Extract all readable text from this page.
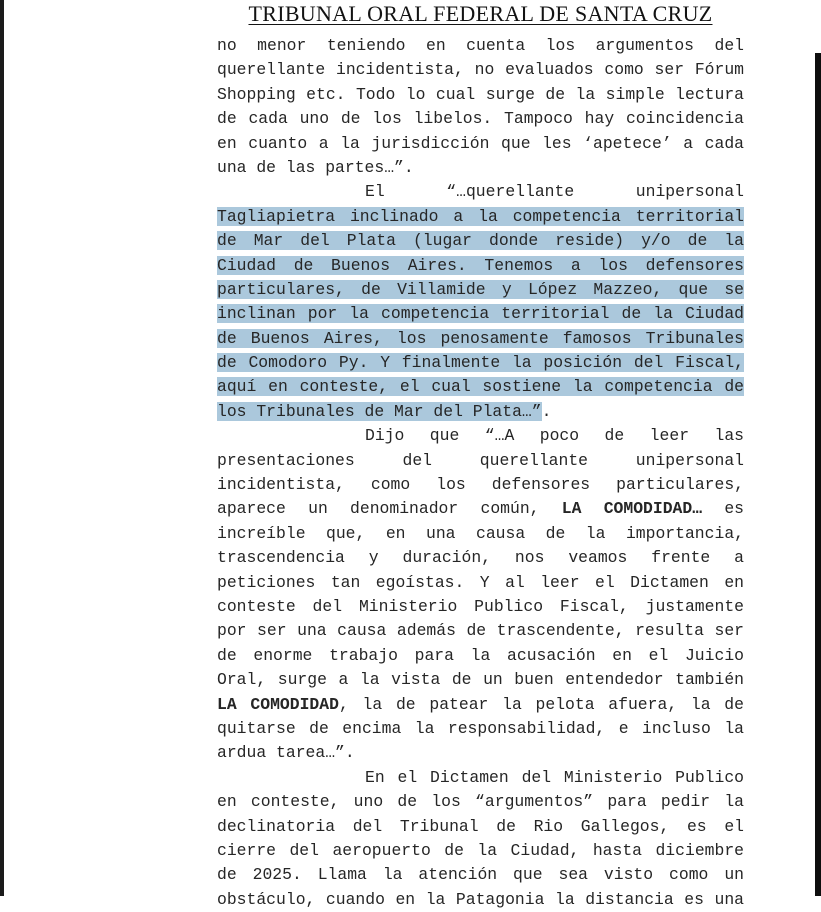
TRIBUNAL ORAL FEDERAL DE SANTA CRUZ
no menor teniendo en cuenta los argumentos del
querellante incidentista, no evaluados como ser Fórum
Shopping etc. Todo lo cual surge de la simple lectura
de cada uno de los libelos. Tampoco hay coincidencia
en cuanto a la jurisdicción que les ‘apetece’ a cada
una de las partes…”.
El “…querellante unipersonal
Tagliapietra inclinado a la competencia territorial
de Mar del Plata (lugar donde reside) y/o de la
Ciudad de Buenos Aires. Tenemos a los defensores
particulares, de Villamide y López Mazzeo, que se
inclinan por la competencia territorial de la Ciudad
de Buenos Aires, los penosamente famosos Tribunales
de Comodoro Py. Y finalmente la posición del Fiscal,
aquí en conteste, el cual sostiene la competencia de
los Tribunales de Mar del Plata…”.
Dijo que “…A poco de leer las
presentaciones del querellante unipersonal
incidentista, como los defensores particulares,
aparece un denominador común, LA COMODIDAD… es
increíble que, en una causa de la importancia,
trascendencia y duración, nos veamos frente a
peticiones tan egoístas. Y al leer el Dictamen en
conteste del Ministerio Publico Fiscal, justamente
por ser una causa además de trascendente, resulta ser
de enorme trabajo para la acusación en el Juicio
Oral, surge a la vista de un buen entendedor también
LA COMODIDAD, la de patear la pelota afuera, la de
quitarse de encima la responsabilidad, e incluso la
ardua tarea…”.
En el Dictamen del Ministerio Publico
en conteste, uno de los “argumentos” para pedir la
declinatoria del Tribunal de Rio Gallegos, es el
cierre del aeropuerto de la Ciudad, hasta diciembre
de 2025. Llama la atención que sea visto como un
obstáculo, cuando en la Patagonia la distancia es una
